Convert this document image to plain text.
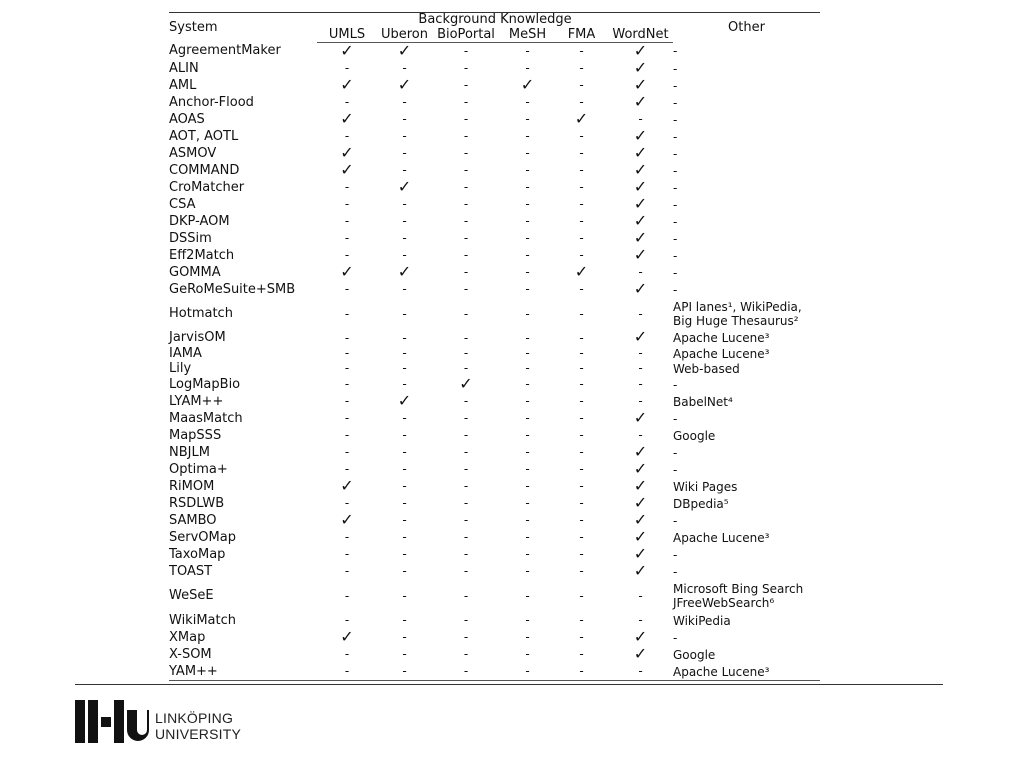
System	Background Knowledge						Other
	UMLS	Uberon	BioPortal	MeSH	FMA	WordNet	
AgreementMaker	✓	✓	-	-	-	✓	-

ALIN	-	-	-	-	-	✓	-

AML	✓	✓	-	✓	-	✓	-

Anchor-Flood	-	-	-	-	-	✓	-

AOAS	✓	-	-	-	✓	-	-

AOT, AOTL	-	-	-	-	-	✓	-

ASMOV	✓	-	-	-	-	✓	-

COMMAND	✓	-	-	-	-	✓	-

CroMatcher	-	✓	-	-	-	✓	-

CSA	-	-	-	-	-	✓	-

DKP-AOM	-	-	-	-	-	✓	-

DSSim	-	-	-	-	-	✓	-

Eff2Match	-	-	-	-	-	✓	-

GOMMA	✓	✓	-	-	✓	-	-

GeRoMeSuite+SMB	-	-	-	-	-	✓	-

Hotmatch	-	-	-	-	-	-	API lanes¹, WikiPedia,
Big Huge Thesaurus²

JarvisOM	-	-	-	-	-	✓	Apache Lucene³

IAMA	-	-	-	-	-	-	Apache Lucene³

Lily	-	-	-	-	-	-	Web-based

LogMapBio	-	-	✓	-	-	-	-

LYAM++	-	✓	-	-	-	-	BabelNet⁴

MaasMatch	-	-	-	-	-	✓	-

MapSSS	-	-	-	-	-	-	Google

NBJLM	-	-	-	-	-	✓	-

Optima+	-	-	-	-	-	✓	-

RiMOM	✓	-	-	-	-	✓	Wiki Pages

RSDLWB	-	-	-	-	-	✓	DBpedia⁵

SAMBO	✓	-	-	-	-	✓	-

ServOMap	-	-	-	-	-	✓	Apache Lucene³

TaxoMap	-	-	-	-	-	✓	-

TOAST	-	-	-	-	-	✓	-

WeSeE	-	-	-	-	-	-	Microsoft Bing Search
JFreeWebSearch⁶

WikiMatch	-	-	-	-	-	-	WikiPedia

XMap	✓	-	-	-	-	✓	-

X-SOM	-	-	-	-	-	✓	Google

YAM++	-	-	-	-	-	-	Apache Lucene³
LINKÖPING
UNIVERSITY
